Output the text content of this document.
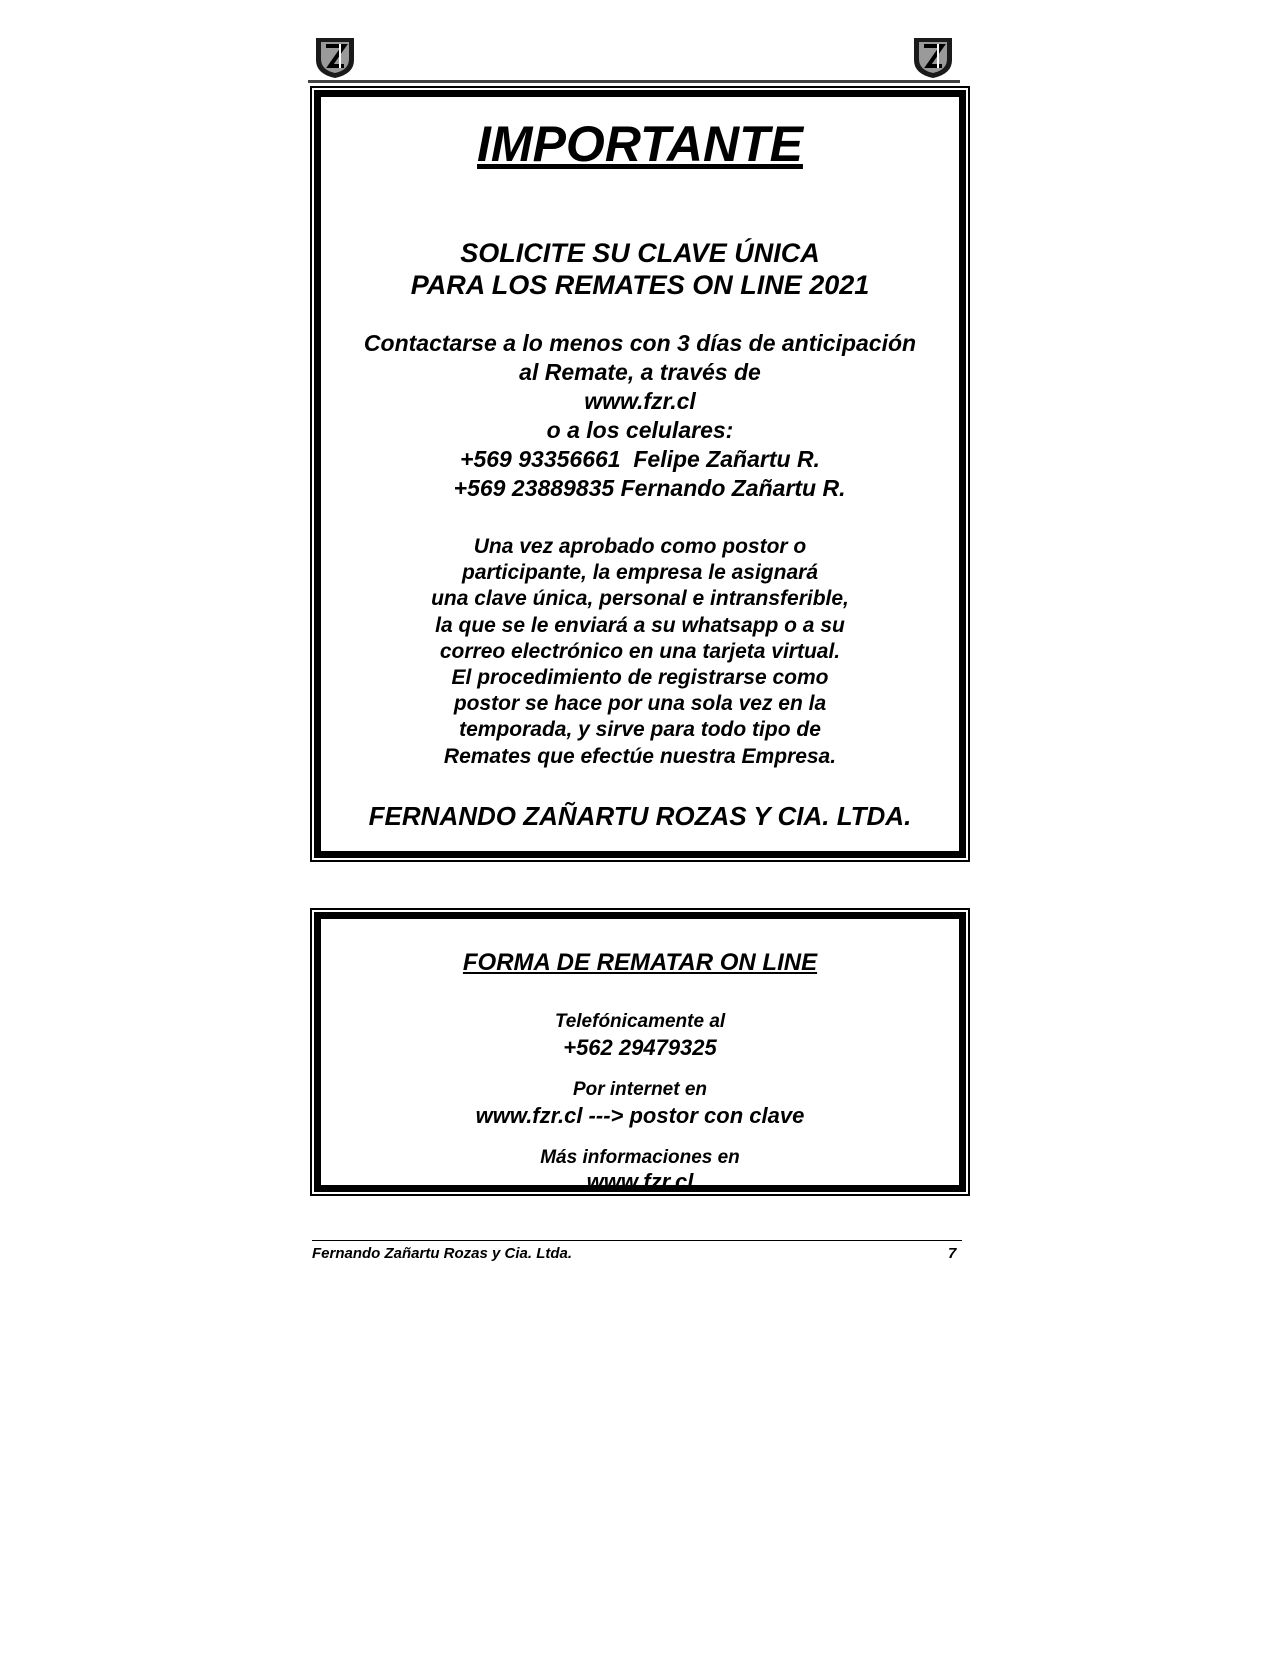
IMPORTANTE
SOLICITE SU CLAVE ÚNICA
PARA LOS REMATES ON LINE 2021
Contactarse a lo menos con 3 días de anticipación
al Remate, a través de
www.fzr.cl
o a los celulares:
+569 93356661  Felipe Zañartu R.
+569 23889835 Fernando Zañartu R.
Una vez aprobado como postor o
participante, la empresa le asignará
una clave única, personal e intransferible,
la que se le enviará a su whatsapp o a su
correo electrónico en una tarjeta virtual.
El procedimiento de registrarse como
postor se hace por una sola vez en la
temporada, y sirve para todo tipo de
Remates que efectúe nuestra Empresa.
FERNANDO ZAÑARTU ROZAS Y CIA. LTDA.
FORMA DE REMATAR ON LINE
Telefónicamente al
+562 29479325
Por internet en
www.fzr.cl ---> postor con clave
Más informaciones en
www.fzr.cl
Fernando Zañartu Rozas y Cia. Ltda.	7
